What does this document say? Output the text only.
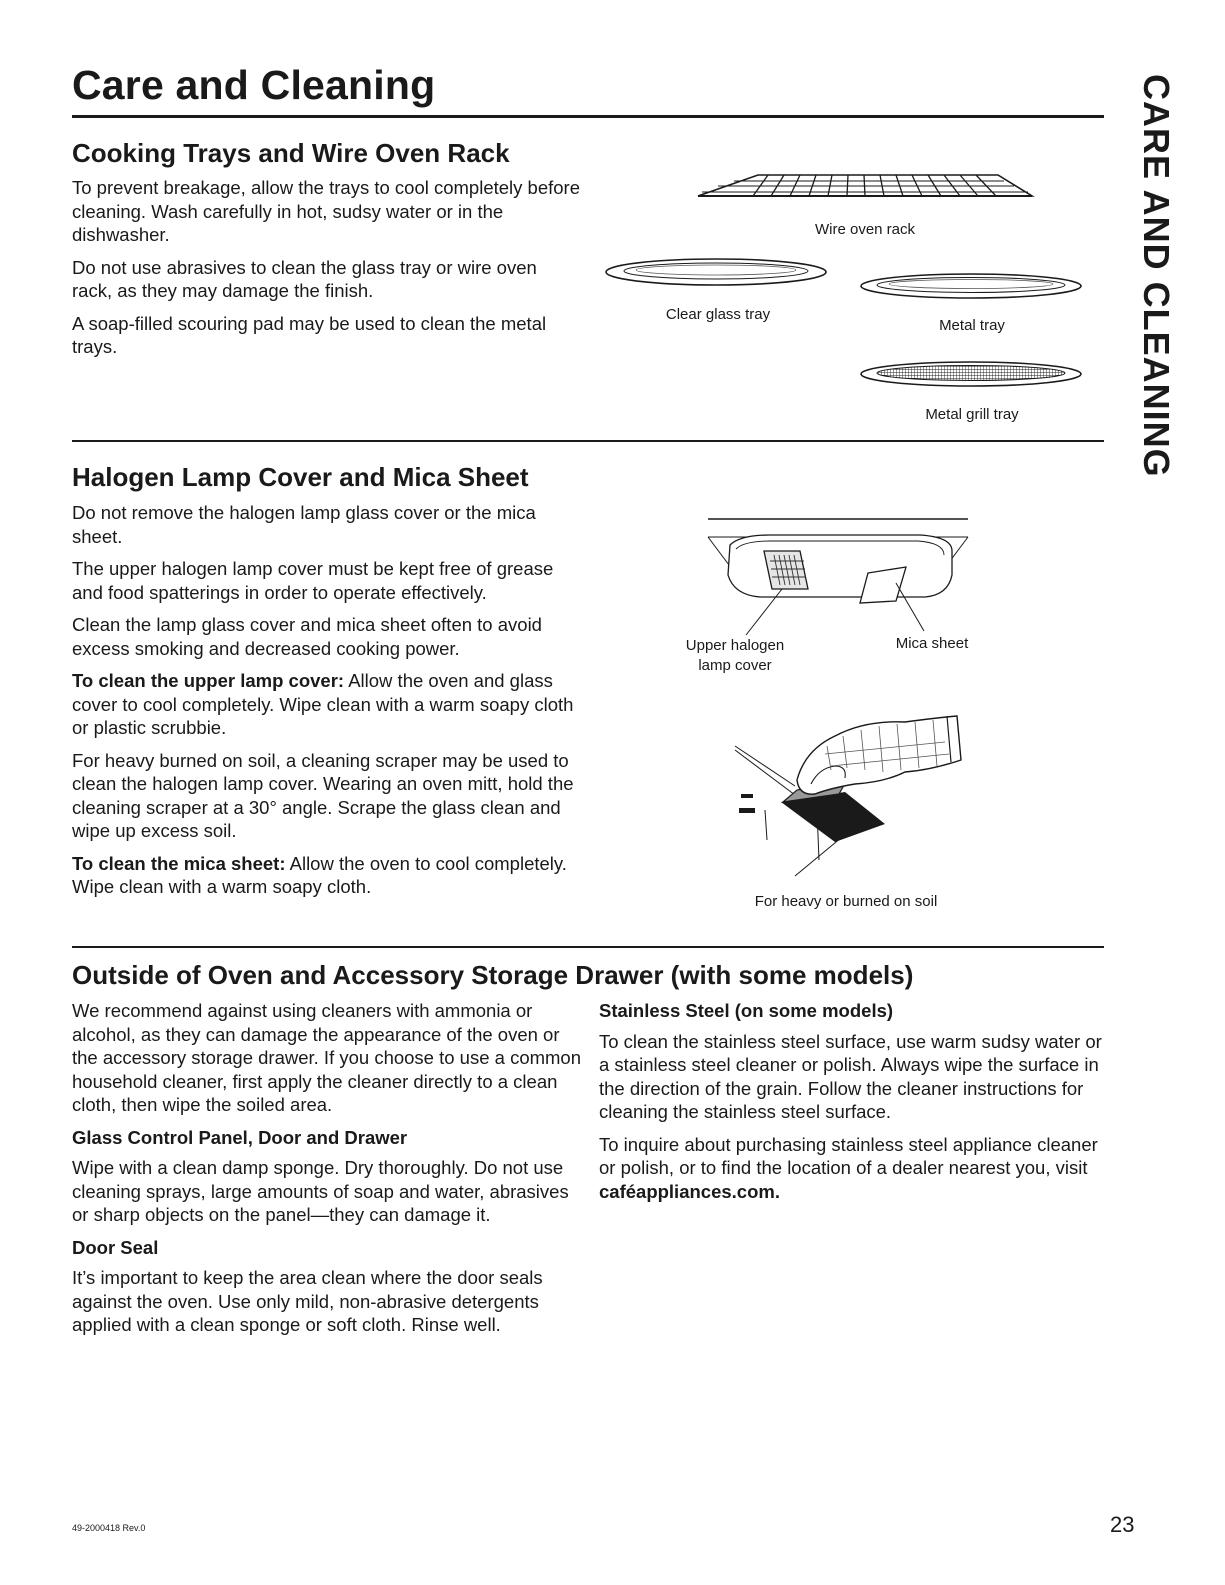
Care and Cleaning	CARE AND CLEANING
Cooking Trays and Wire Oven Rack

To prevent breakage, allow the trays to cool completely before cleaning. Wash carefully in hot, sudsy water or in the dishwasher.

Do not use abrasives to clean the glass tray or wire oven rack, as they may damage the finish.

A soap-filled scouring pad may be used to clean the metal trays.

Wire oven rack
Clear glass tray
Metal tray
Metal grill tray
Halogen Lamp Cover and Mica Sheet

Do not remove the halogen lamp glass cover or the mica sheet.

The upper halogen lamp cover must be kept free of grease and food spatterings in order to operate effectively.

Clean the lamp glass cover and mica sheet often to avoid excess smoking and decreased cooking power.

To clean the upper lamp cover: Allow the oven and glass cover to cool completely. Wipe clean with a warm soapy cloth or plastic scrubbie.

For heavy burned on soil, a cleaning scraper may be used to clean the halogen lamp cover. Wearing an oven mitt, hold the cleaning scraper at a 30° angle. Scrape the glass clean and wipe up excess soil.

To clean the mica sheet: Allow the oven to cool completely. Wipe clean with a warm soapy cloth.

Upper halogen
lamp cover
Mica sheet
For heavy or burned on soil
Outside of Oven and Accessory Storage Drawer (with some models)

We recommend against using cleaners with ammonia or alcohol, as they can damage the appearance of the oven or the accessory storage drawer. If you choose to use a common household cleaner, first apply the cleaner directly to a clean cloth, then wipe the soiled area.

Glass Control Panel, Door and Drawer

Wipe with a clean damp sponge. Dry thoroughly. Do not use cleaning sprays, large amounts of soap and water, abrasives or sharp objects on the panel—they can damage it.

Door Seal

It’s important to keep the area clean where the door seals against the oven. Use only mild, non-abrasive detergents applied with a clean sponge or soft cloth. Rinse well.

Stainless Steel (on some models)

To clean the stainless steel surface, use warm sudsy water or a stainless steel cleaner or polish. Always wipe the surface in the direction of the grain. Follow the cleaner instructions for cleaning the stainless steel surface.

To inquire about purchasing stainless steel appliance cleaner or polish, or to find the location of a dealer nearest you, visit caféappliances.com.

49-2000418 Rev.0	23
